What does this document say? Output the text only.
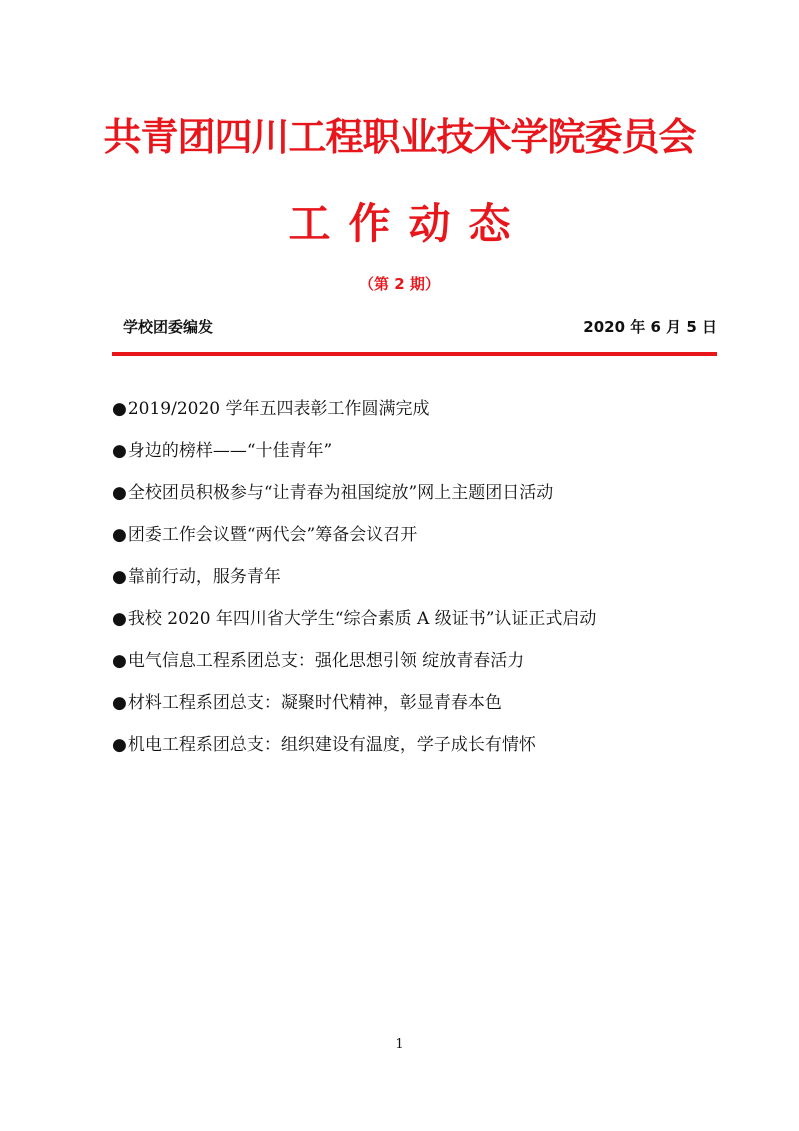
共青团四川工程职业技术学院委员会
工作动态
（第 2 期）
学校团委编发	2020 年 6 月 5 日
●2019/2020 学年五四表彰工作圆满完成
●身边的榜样——“十佳青年”
●全校团员积极参与“让青春为祖国绽放”网上主题团日活动
●团委工作会议暨“两代会”筹备会议召开
●靠前行动，服务青年
●我校 2020 年四川省大学生“综合素质 A 级证书”认证正式启动
●电气信息工程系团总支：强化思想引领 绽放青春活力
●材料工程系团总支：凝聚时代精神，彰显青春本色
●机电工程系团总支：组织建设有温度，学子成长有情怀
1
